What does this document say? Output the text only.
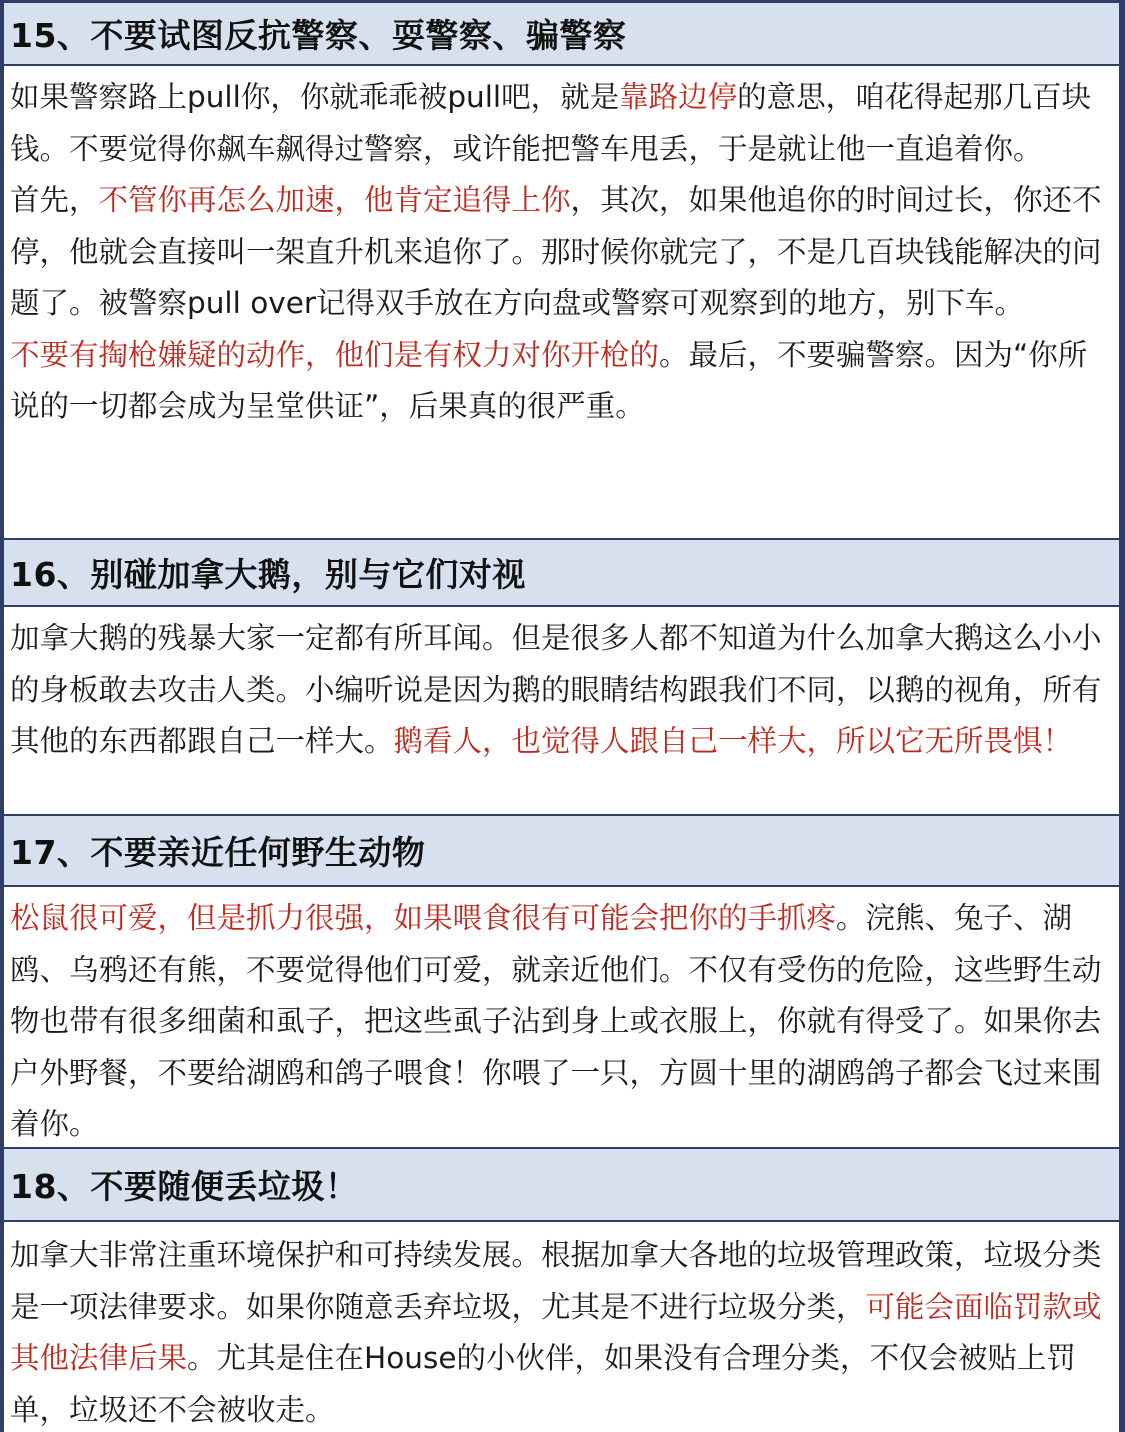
15、不要试图反抗警察、耍警察、骗警察
如果警察路上pull你，你就乖乖被pull吧，就是靠路边停的意思，咱花得起那几百块钱。不要觉得你飙车飙得过警察，或许能把警车甩丢，于是就让他一直追着你。
首先，不管你再怎么加速，他肯定追得上你，其次，如果他追你的时间过长，你还不停，他就会直接叫一架直升机来追你了。那时候你就完了，不是几百块钱能解决的问题了。被警察pull over记得双手放在方向盘或警察可观察到的地方，别下车。
不要有掏枪嫌疑的动作，他们是有权力对你开枪的。最后，不要骗警察。因为“你所说的一切都会成为呈堂供证”，后果真的很严重。
16、别碰加拿大鹅，别与它们对视
加拿大鹅的残暴大家一定都有所耳闻。但是很多人都不知道为什么加拿大鹅这么小小的身板敢去攻击人类。小编听说是因为鹅的眼睛结构跟我们不同，以鹅的视角，所有其他的东西都跟自己一样大。鹅看人，也觉得人跟自己一样大，所以它无所畏惧！
17、不要亲近任何野生动物
松鼠很可爱，但是抓力很强，如果喂食很有可能会把你的手抓疼。浣熊、兔子、湖鸥、乌鸦还有熊，不要觉得他们可爱，就亲近他们。不仅有受伤的危险，这些野生动物也带有很多细菌和虱子，把这些虱子沾到身上或衣服上，你就有得受了。如果你去户外野餐，不要给湖鸥和鸽子喂食！你喂了一只，方圆十里的湖鸥鸽子都会飞过来围着你。
18、不要随便丢垃圾！
加拿大非常注重环境保护和可持续发展。根据加拿大各地的垃圾管理政策，垃圾分类是一项法律要求。如果你随意丢弃垃圾，尤其是不进行垃圾分类，可能会面临罚款或其他法律后果。尤其是住在House的小伙伴，如果没有合理分类，不仅会被贴上罚单，垃圾还不会被收走。
